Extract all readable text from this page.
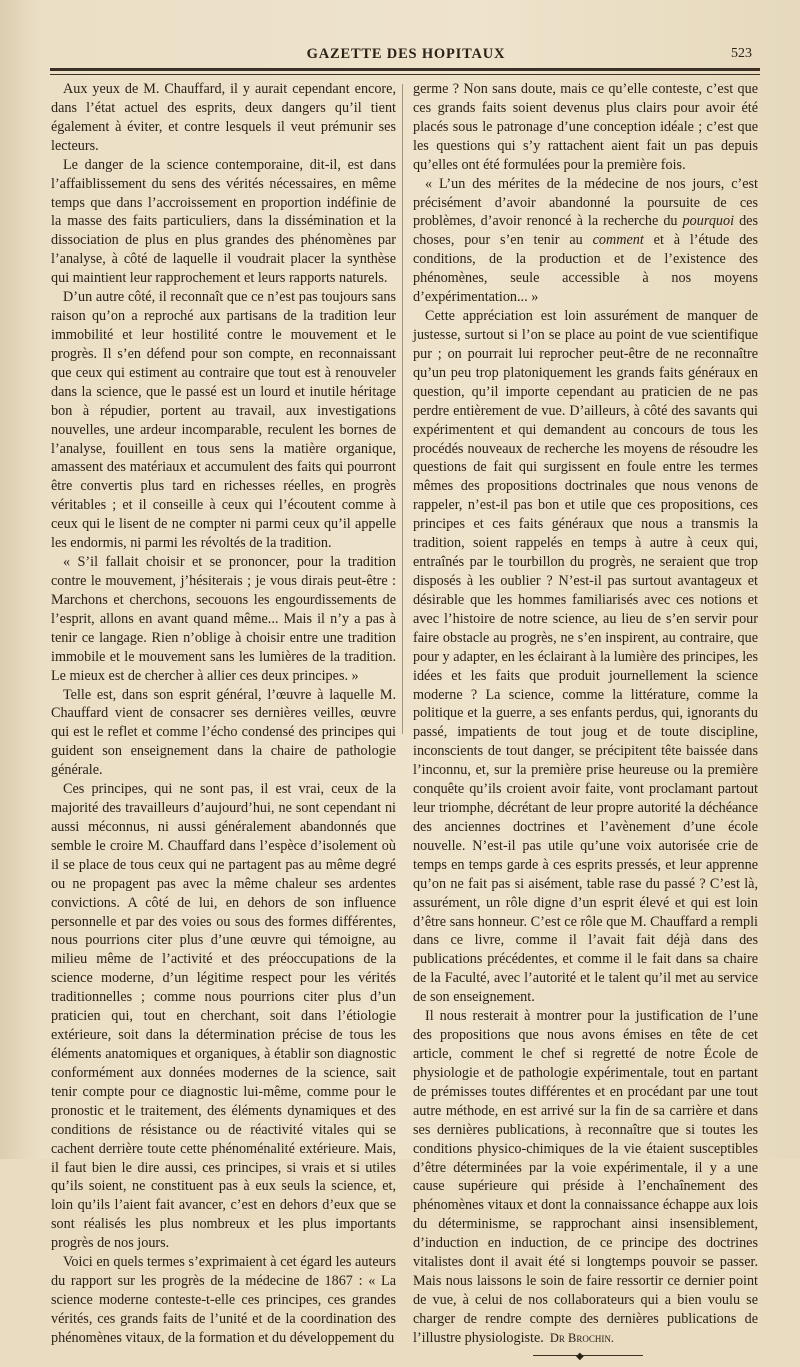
GAZETTE DES HOPITAUX	523

Aux yeux de M. Chauffard, il y aurait cependant encore, dans l’état actuel des esprits, deux dangers qu’il tient également à éviter, et contre lesquels il veut prémunir ses lecteurs.

Le danger de la science contemporaine, dit-il, est dans l’affaiblissement du sens des vérités nécessaires, en même temps que dans l’accroissement en proportion indéfinie de la masse des faits particuliers, dans la dissémination et la dissociation de plus en plus grandes des phénomènes par l’analyse, à côté de laquelle il voudrait placer la synthèse qui maintient leur rapprochement et leurs rapports naturels.

D’un autre côté, il reconnaît que ce n’est pas toujours sans raison qu’on a reproché aux partisans de la tradition leur immobilité et leur hostilité contre le mouvement et le progrès. Il s’en défend pour son compte, en reconnaissant que ceux qui estiment au contraire que tout est à renouveler dans la science, que le passé est un lourd et inutile héritage bon à répudier, portent au travail, aux investigations nouvelles, une ardeur incomparable, reculent les bornes de l’analyse, fouillent en tous sens la matière organique, amassent des matériaux et accumulent des faits qui pourront être convertis plus tard en richesses réelles, en progrès véritables ; et il conseille à ceux qui l’écoutent comme à ceux qui le lisent de ne compter ni parmi ceux qu’il appelle les endormis, ni parmi les révoltés de la tradition.

« S’il fallait choisir et se prononcer, pour la tradition contre le mouvement, j’hésiterais ; je vous dirais peut-être : Marchons et cherchons, secouons les engourdissements de l’esprit, allons en avant quand même... Mais il n’y a pas à tenir ce langage. Rien n’oblige à choisir entre une tradition immobile et le mouvement sans les lumières de la tradition. Le mieux est de chercher à allier ces deux principes. »

Telle est, dans son esprit général, l’œuvre à laquelle M. Chauffard vient de consacrer ses dernières veilles, œuvre qui est le reflet et comme l’écho condensé des principes qui guident son enseignement dans la chaire de pathologie générale.

Ces principes, qui ne sont pas, il est vrai, ceux de la majorité des travailleurs d’aujourd’hui, ne sont cependant ni aussi méconnus, ni aussi généralement abandonnés que semble le croire M. Chauffard dans l’espèce d’isolement où il se place de tous ceux qui ne partagent pas au même degré ou ne propagent pas avec la même chaleur ses ardentes convictions. A côté de lui, en dehors de son influence personnelle et par des voies ou sous des formes différentes, nous pourrions citer plus d’une œuvre qui témoigne, au milieu même de l’activité et des préoccupations de la science moderne, d’un légitime respect pour les vérités traditionnelles ; comme nous pourrions citer plus d’un praticien qui, tout en cherchant, soit dans l’étiologie extérieure, soit dans la détermination précise de tous les éléments anatomiques et organiques, à établir son diagnostic conformément aux données modernes de la science, sait tenir compte pour ce diagnostic lui-même, comme pour le pronostic et le traitement, des éléments dynamiques et des conditions de résistance ou de réactivité vitales qui se cachent derrière toute cette phénoménalité extérieure. Mais, il faut bien le dire aussi, ces principes, si vrais et si utiles qu’ils soient, ne constituent pas à eux seuls la science, et, loin qu’ils l’aient fait avancer, c’est en dehors d’eux que se sont réalisés les plus nombreux et les plus importants progrès de nos jours.

Voici en quels termes s’exprimaient à cet égard les auteurs du rapport sur les progrès de la médecine de 1867 : « La science moderne conteste-t-elle ces principes, ces grandes vérités, ces grands faits de l’unité et de la coordination des phénomènes vitaux, de la formation et du développement du

germe ? Non sans doute, mais ce qu’elle conteste, c’est que ces grands faits soient devenus plus clairs pour avoir été placés sous le patronage d’une conception idéale ; c’est que les questions qui s’y rattachent aient fait un pas depuis qu’elles ont été formulées pour la première fois.

« L’un des mérites de la médecine de nos jours, c’est précisément d’avoir abandonné la poursuite de ces problèmes, d’avoir renoncé à la recherche du pourquoi des choses, pour s’en tenir au comment et à l’étude des conditions, de la production et de l’existence des phénomènes, seule accessible à nos moyens d’expérimentation... »

Cette appréciation est loin assurément de manquer de justesse, surtout si l’on se place au point de vue scientifique pur ; on pourrait lui reprocher peut-être de ne reconnaître qu’un peu trop platoniquement les grands faits généraux en question, qu’il importe cependant au praticien de ne pas perdre entièrement de vue. D’ailleurs, à côté des savants qui expérimentent et qui demandent au concours de tous les procédés nouveaux de recherche les moyens de résoudre les questions de fait qui surgissent en foule entre les termes mêmes des propositions doctrinales que nous venons de rappeler, n’est-il pas bon et utile que ces propositions, ces principes et ces faits généraux que nous a transmis la tradition, soient rappelés en temps à autre à ceux qui, entraînés par le tourbillon du progrès, ne seraient que trop disposés à les oublier ? N’est-il pas surtout avantageux et désirable que les hommes familiarisés avec ces notions et avec l’histoire de notre science, au lieu de s’en servir pour faire obstacle au progrès, ne s’en inspirent, au contraire, que pour y adapter, en les éclairant à la lumière des principes, les idées et les faits que produit journellement la science moderne ? La science, comme la littérature, comme la politique et la guerre, a ses enfants perdus, qui, ignorants du passé, impatients de tout joug et de toute discipline, inconscients de tout danger, se précipitent tête baissée dans l’inconnu, et, sur la première prise heureuse ou la première conquête qu’ils croient avoir faite, vont proclamant partout leur triomphe, décrétant de leur propre autorité la déchéance des anciennes doctrines et l’avènement d’une école nouvelle. N’est-il pas utile qu’une voix autorisée crie de temps en temps garde à ces esprits pressés, et leur apprenne qu’on ne fait pas si aisément, table rase du passé ? C’est là, assurément, un rôle digne d’un esprit élevé et qui est loin d’être sans honneur. C’est ce rôle que M. Chauffard a rempli dans ce livre, comme il l’avait fait déjà dans des publications précédentes, et comme il le fait dans sa chaire de la Faculté, avec l’autorité et le talent qu’il met au service de son enseignement.

Il nous resterait à montrer pour la justification de l’une des propositions que nous avons émises en tête de cet article, comment le chef si regretté de notre École de physiologie et de pathologie expérimentale, tout en partant de prémisses toutes différentes et en procédant par une tout autre méthode, en est arrivé sur la fin de sa carrière et dans ses dernières publications, à reconnaître que si toutes les conditions physico-chimiques de la vie étaient susceptibles d’être déterminées par la voie expérimentale, il y a une cause supérieure qui préside à l’enchaînement des phénomènes vitaux et dont la connaissance échappe aux lois du déterminisme, se rapprochant ainsi insensiblement, d’induction en induction, de ce principe des doctrines vitalistes dont il avait été si longtemps pouvoir se passer. Mais nous laissons le soin de faire ressortir ce dernier point de vue, à celui de nos collaborateurs qui a bien voulu se charger de rendre compte des dernières publications de l’illustre physiologiste. Dr Brochin.

◆
